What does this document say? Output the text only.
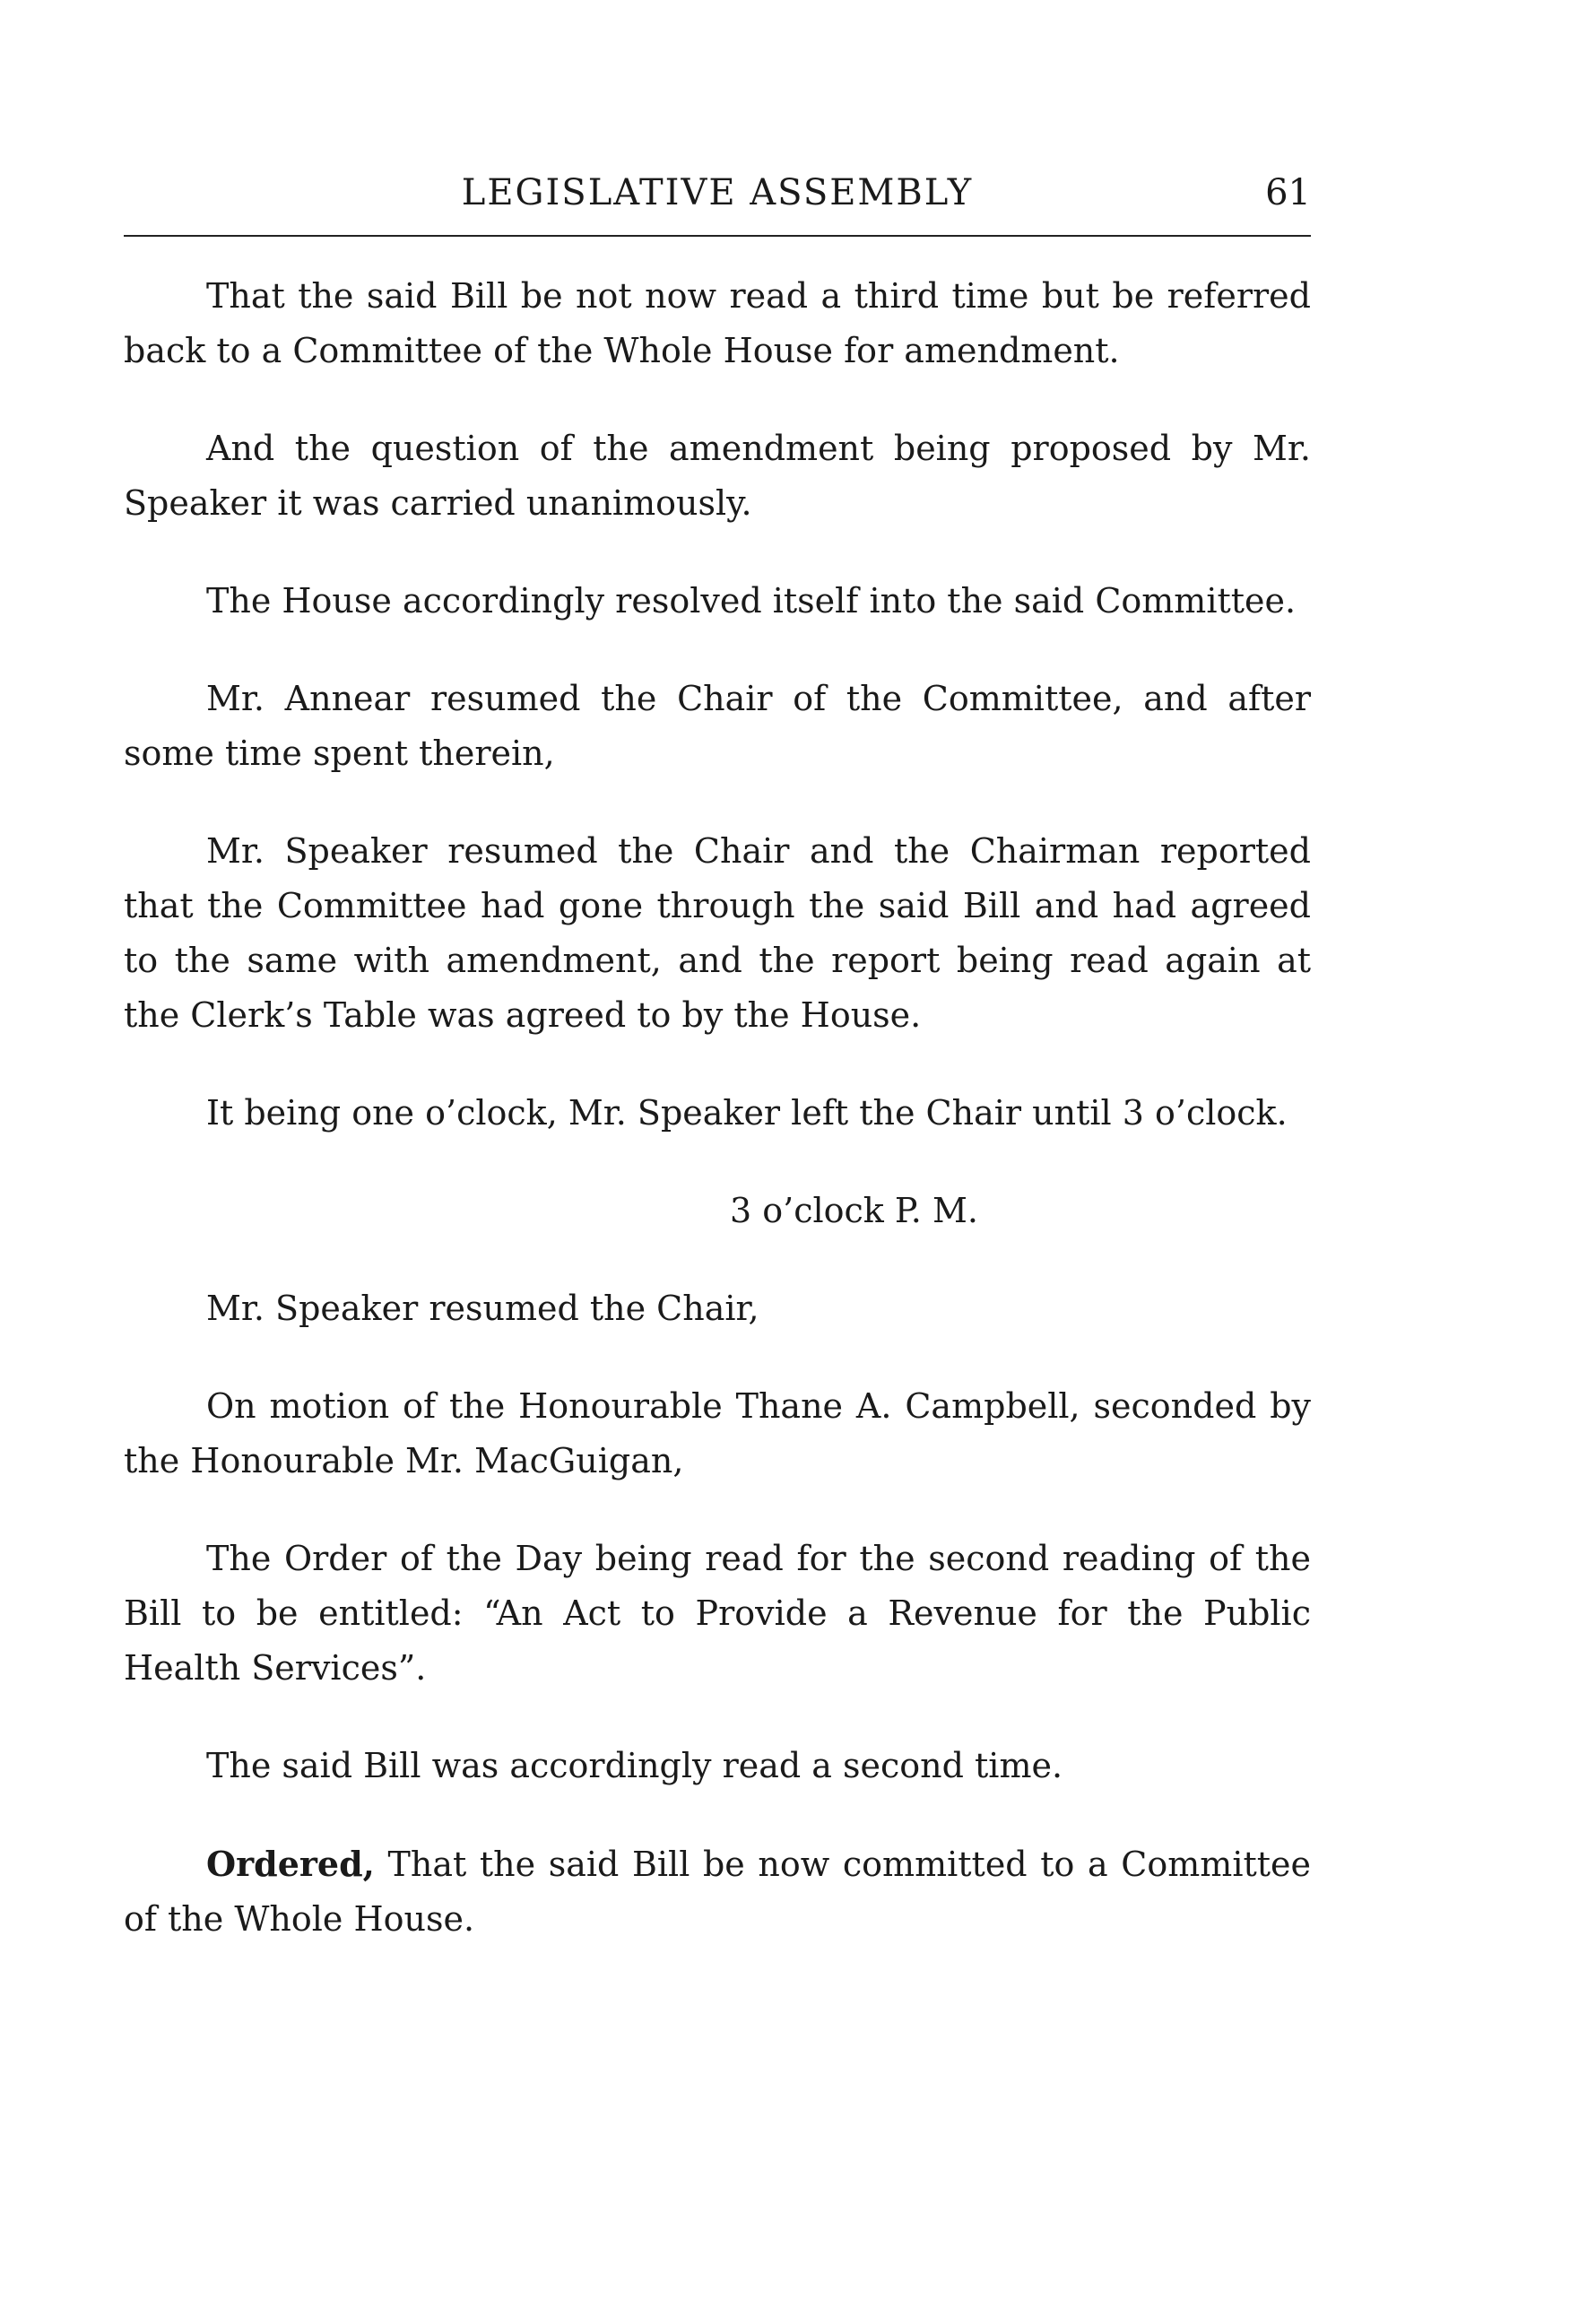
LEGISLATIVE ASSEMBLY	61

That the said Bill be not now read a third time but be referred back to a Committee of the Whole House for amendment.

And the question of the amendment being proposed by Mr. Speaker it was carried unanimously.

The House accordingly resolved itself into the said Committee.

Mr. Annear resumed the Chair of the Committee, and after some time spent therein,

Mr. Speaker resumed the Chair and the Chairman reported that the Committee had gone through the said Bill and had agreed to the same with amendment, and the report being read again at the Clerk’s Table was agreed to by the House.

It being one o’clock, Mr. Speaker left the Chair until 3 o’clock.

3 o’clock P. M.

Mr. Speaker resumed the Chair,

On motion of the Honourable Thane A. Campbell, seconded by the Honourable Mr. MacGuigan,

The Order of the Day being read for the second reading of the Bill to be entitled: “An Act to Provide a Revenue for the Public Health Services”.

The said Bill was accordingly read a second time.

Ordered, That the said Bill be now committed to a Committee of the Whole House.
